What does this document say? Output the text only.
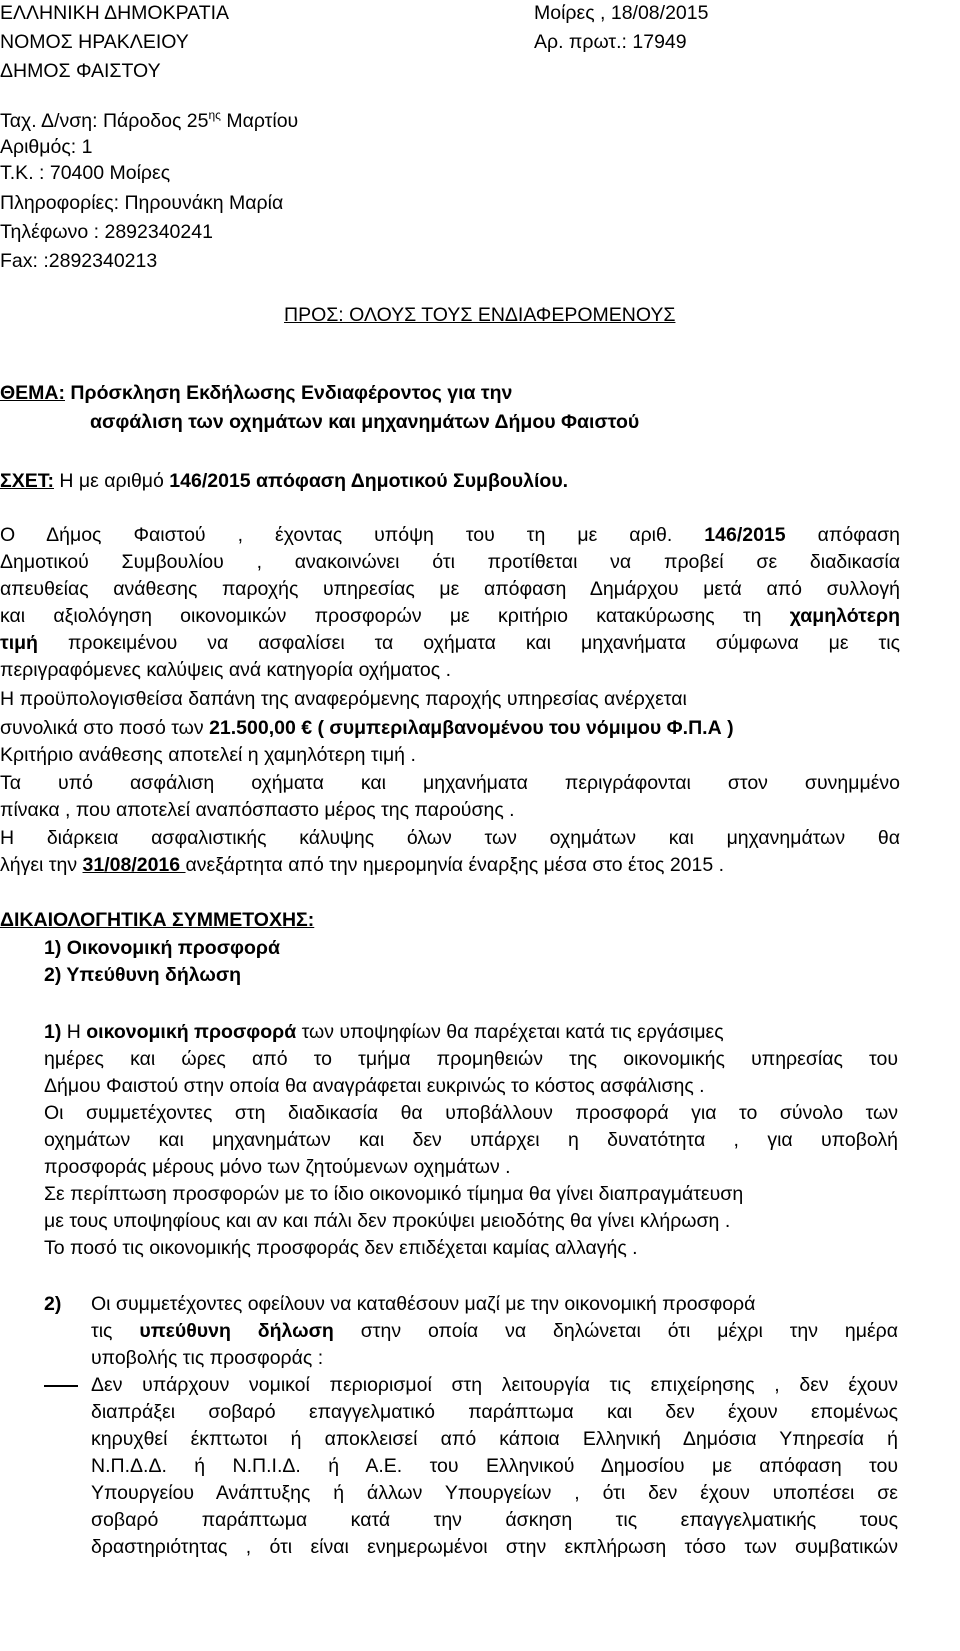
ΕΛΛΗΝΙΚΗ ΔΗΜΟΚΡΑΤΙΑ	Μοίρες , 18/08/2015
ΝΟΜΟΣ ΗΡΑΚΛΕΙΟΥ	Αρ. πρωτ.: 17949
ΔΗΜΟΣ ΦΑΙΣΤΟΥ
Ταχ. Δ/νση: Πάροδος $25^{\eta\varsigma}$ Μαρτίου
Αριθμός: 1
Τ.Κ. : 70400 Μοίρες
Πληροφορίες: Πηρουνάκη Μαρία
Τηλέφωνο : 2892340241
Fax: :2892340213
ΠΡΟΣ: ΟΛΟΥΣ ΤΟΥΣ ΕΝΔΙΑΦΕΡΟΜΕΝΟΥΣ
ΘΕΜΑ: Πρόσκληση Εκδήλωσης Ενδιαφέροντος για την
ασφάλιση των οχημάτων και μηχανημάτων Δήμου Φαιστού
ΣΧΕΤ: Η με αριθμό 146/2015 απόφαση Δημοτικού Συμβουλίου.
Ο Δήμος Φαιστού , έχοντας υπόψη του τη με αριθ. 146/2015 απόφαση
Δημοτικού Συμβουλίου , ανακοινώνει ότι προτίθεται να προβεί σε διαδικασία
απευθείας ανάθεσης παροχής υπηρεσίας με απόφαση Δημάρχου μετά από συλλογή
και αξιολόγηση οικονομικών προσφορών με κριτήριο κατακύρωσης τη χαμηλότερη
τιμή προκειμένου να ασφαλίσει τα οχήματα και μηχανήματα σύμφωνα με τις
περιγραφόμενες καλύψεις ανά κατηγορία οχήματος .
Η προϋπολογισθείσα δαπάνη της αναφερόμενης παροχής υπηρεσίας ανέρχεται
συνολικά στο ποσό των 21.500,00 € ( συμπεριλαμβανομένου του νόμιμου Φ.Π.Α )
Κριτήριο ανάθεσης αποτελεί η χαμηλότερη τιμή .
Τα υπό ασφάλιση οχήματα και μηχανήματα περιγράφονται στον συνημμένο
πίνακα , που αποτελεί αναπόσπαστο μέρος της παρούσης .
Η διάρκεια ασφαλιστικής κάλυψης όλων των οχημάτων και μηχανημάτων θα
λήγει την 31/08/2016 ανεξάρτητα από την ημερομηνία έναρξης μέσα στο έτος 2015 .
ΔΙΚΑΙΟΛΟΓΗΤΙΚΑ ΣΥΜΜΕΤΟΧΗΣ:
1) Οικονομική προσφορά
2) Υπεύθυνη δήλωση
1) Η οικονομική προσφορά των υποψηφίων θα παρέχεται κατά τις εργάσιμες
ημέρες και ώρες από το τμήμα προμηθειών της οικονομικής υπηρεσίας του
Δήμου Φαιστού στην οποία θα αναγράφεται ευκρινώς το κόστος ασφάλισης .
Οι συμμετέχοντες στη διαδικασία θα υποβάλλουν προσφορά για το σύνολο των
οχημάτων και μηχανημάτων και δεν υπάρχει η δυνατότητα , για υποβολή
προσφοράς μέρους μόνο των ζητούμενων οχημάτων .
Σε περίπτωση προσφορών με το ίδιο οικονομικό τίμημα θα γίνει διαπραγμάτευση
με τους υποψηφίους και αν και πάλι δεν προκύψει μειοδότης θα γίνει κλήρωση .
Το ποσό τις οικονομικής προσφοράς δεν επιδέχεται καμίας αλλαγής .
2) Οι συμμετέχοντες οφείλουν να καταθέσουν μαζί με την οικονομική προσφορά
τις υπεύθυνη δήλωση στην οποία να δηλώνεται ότι μέχρι την ημέρα
υποβολής τις προσφοράς :
Δεν υπάρχουν νομικοί περιορισμοί στη λειτουργία τις επιχείρησης , δεν έχουν
διαπράξει σοβαρό επαγγελματικό παράπτωμα και δεν έχουν επομένως
κηρυχθεί έκπτωτοι ή αποκλεισεί από κάποια Ελληνική Δημόσια Υπηρεσία ή
Ν.Π.Δ.Δ. ή Ν.Π.Ι.Δ. ή Α.Ε. του Ελληνικού Δημοσίου με απόφαση του
Υπουργείου Ανάπτυξης ή άλλων Υπουργείων , ότι δεν έχουν υποπέσει σε
σοβαρό παράπτωμα κατά την άσκηση τις επαγγελματικής τους
δραστηριότητας , ότι είναι ενημερωμένοι στην εκπλήρωση τόσο των συμβατικών
